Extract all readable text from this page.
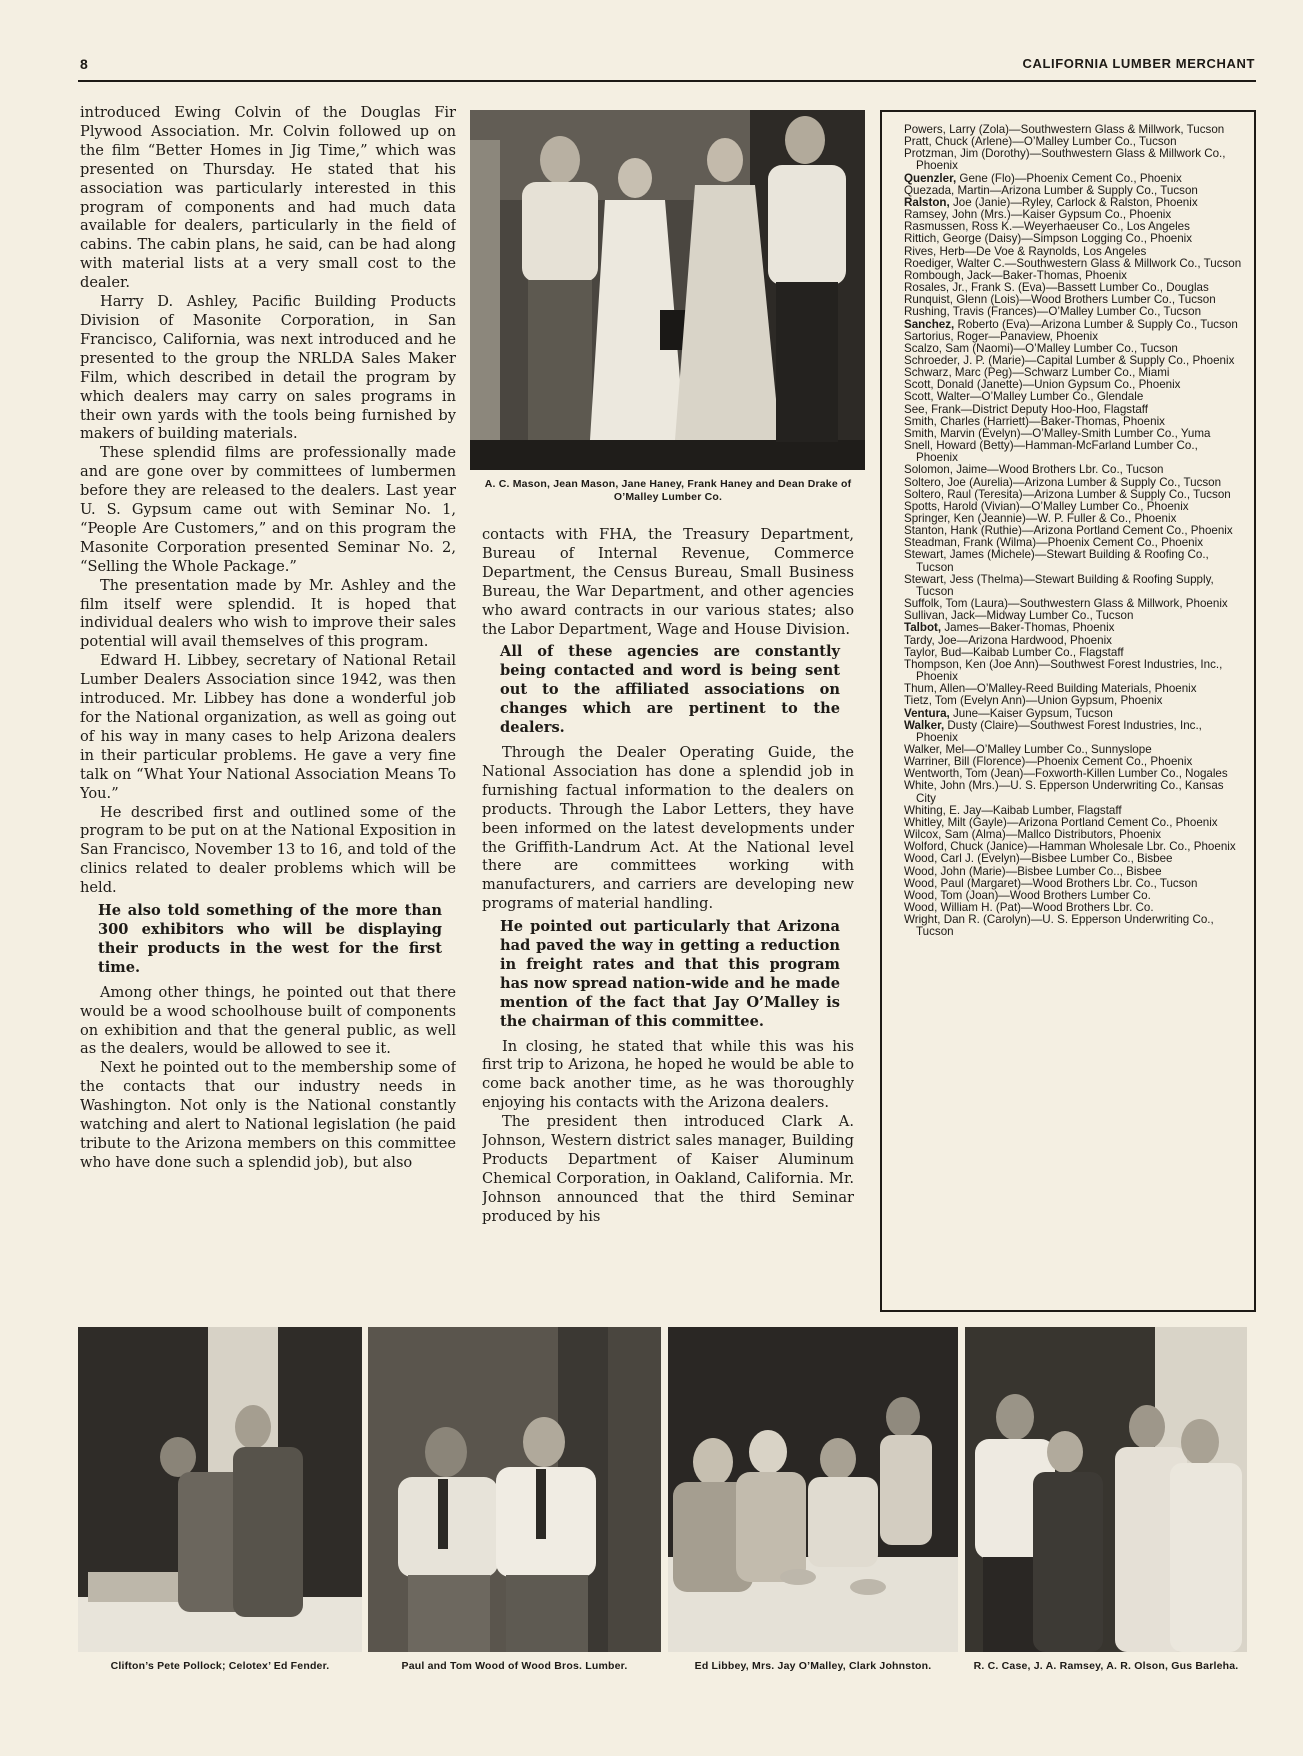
8	CALIFORNIA LUMBER MERCHANT

introduced Ewing Colvin of the Douglas Fir Plywood Association. Mr. Colvin followed up on the film “Better Homes in Jig Time,” which was presented on Thursday. He stated that his association was particularly interested in this program of components and had much data available for dealers, particularly in the field of cabins. The cabin plans, he said, can be had along with material lists at a very small cost to the dealer.

Harry D. Ashley, Pacific Building Products Division of Masonite Corporation, in San Francisco, California, was next introduced and he presented to the group the NRLDA Sales Maker Film, which described in detail the program by which dealers may carry on sales programs in their own yards with the tools being furnished by makers of building materials.

These splendid films are professionally made and are gone over by committees of lumbermen before they are released to the dealers. Last year U. S. Gypsum came out with Seminar No. 1, “People Are Customers,” and on this program the Masonite Corporation presented Seminar No. 2, “Selling the Whole Package.”

The presentation made by Mr. Ashley and the film itself were splendid. It is hoped that individual dealers who wish to improve their sales potential will avail themselves of this program.

Edward H. Libbey, secretary of National Retail Lumber Dealers Association since 1942, was then introduced. Mr. Libbey has done a wonderful job for the National organization, as well as going out of his way in many cases to help Arizona dealers in their particular problems. He gave a very fine talk on “What Your National Association Means To You.”

He described first and outlined some of the program to be put on at the National Exposition in San Francisco, November 13 to 16, and told of the clinics related to dealer problems which will be held.

He also told something of the more than 300 exhibitors who will be displaying their products in the west for the first time.

Among other things, he pointed out that there would be a wood schoolhouse built of components on exhibition and that the general public, as well as the dealers, would be allowed to see it.

Next he pointed out to the membership some of the contacts that our industry needs in Washington. Not only is the National constantly watching and alert to National legislation (he paid tribute to the Arizona members on this committee who have done such a splendid job), but also

A. C. Mason, Jean Mason, Jane Haney, Frank Haney and Dean Drake of O’Malley Lumber Co.

contacts with FHA, the Treasury Department, Bureau of Internal Revenue, Commerce Department, the Census Bureau, Small Business Bureau, the War Department, and other agencies who award contracts in our various states; also the Labor Department, Wage and House Division.

All of these agencies are constantly being contacted and word is being sent out to the affiliated associations on changes which are pertinent to the dealers.

Through the Dealer Operating Guide, the National Association has done a splendid job in furnishing factual information to the dealers on products. Through the Labor Letters, they have been informed on the latest developments under the Griffith-Landrum Act. At the National level there are committees working with manufacturers, and carriers are developing new programs of material handling.

He pointed out particularly that Arizona had paved the way in getting a reduction in freight rates and that this program has now spread nation-wide and he made mention of the fact that Jay O’Malley is the chairman of this committee.

In closing, he stated that while this was his first trip to Arizona, he hoped he would be able to come back another time, as he was thoroughly enjoying his contacts with the Arizona dealers.

The president then introduced Clark A. Johnson, Western district sales manager, Building Products Department of Kaiser Aluminum Chemical Corporation, in Oakland, California. Mr. Johnson announced that the third Seminar produced by his

Powers, Larry (Zola)—Southwestern Glass & Millwork, Tucson
Pratt, Chuck (Arlene)—O’Malley Lumber Co., Tucson
Protzman, Jim (Dorothy)—Southwestern Glass & Millwork Co., Phoenix
Quenzler, Gene (Flo)—Phoenix Cement Co., Phoenix
Quezada, Martin—Arizona Lumber & Supply Co., Tucson
Ralston, Joe (Janie)—Ryley, Carlock & Ralston, Phoenix
Ramsey, John (Mrs.)—Kaiser Gypsum Co., Phoenix
Rasmussen, Ross K.—Weyerhaeuser Co., Los Angeles
Rittich, George (Daisy)—Simpson Logging Co., Phoenix
Rives, Herb—De Voe & Raynolds, Los Angeles
Roediger, Walter C.—Southwestern Glass & Millwork Co., Tucson
Rombough, Jack—Baker-Thomas, Phoenix
Rosales, Jr., Frank S. (Eva)—Bassett Lumber Co., Douglas
Runquist, Glenn (Lois)—Wood Brothers Lumber Co., Tucson
Rushing, Travis (Frances)—O’Malley Lumber Co., Tucson
Sanchez, Roberto (Eva)—Arizona Lumber & Supply Co., Tucson
Sartorius, Roger—Panaview, Phoenix
Scalzo, Sam (Naomi)—O’Malley Lumber Co., Tucson
Schroeder, J. P. (Marie)—Capital Lumber & Supply Co., Phoenix
Schwarz, Marc (Peg)—Schwarz Lumber Co., Miami
Scott, Donald (Janette)—Union Gypsum Co., Phoenix
Scott, Walter—O’Malley Lumber Co., Glendale
See, Frank—District Deputy Hoo-Hoo, Flagstaff
Smith, Charles (Harriett)—Baker-Thomas, Phoenix
Smith, Marvin (Evelyn)—O’Malley-Smith Lumber Co., Yuma
Snell, Howard (Betty)—Hamman-McFarland Lumber Co., Phoenix
Solomon, Jaime—Wood Brothers Lbr. Co., Tucson
Soltero, Joe (Aurelia)—Arizona Lumber & Supply Co., Tucson
Soltero, Raul (Teresita)—Arizona Lumber & Supply Co., Tucson
Spotts, Harold (Vivian)—O’Malley Lumber Co., Phoenix
Springer, Ken (Jeannie)—W. P. Fuller & Co., Phoenix
Stanton, Hank (Ruthie)—Arizona Portland Cement Co., Phoenix
Steadman, Frank (Wilma)—Phoenix Cement Co., Phoenix
Stewart, James (Michele)—Stewart Building & Roofing Co., Tucson
Stewart, Jess (Thelma)—Stewart Building & Roofing Supply, Tucson
Suffolk, Tom (Laura)—Southwestern Glass & Millwork, Phoenix
Sullivan, Jack—Midway Lumber Co., Tucson
Talbot, James—Baker-Thomas, Phoenix
Tardy, Joe—Arizona Hardwood, Phoenix
Taylor, Bud—Kaibab Lumber Co., Flagstaff
Thompson, Ken (Joe Ann)—Southwest Forest Industries, Inc., Phoenix
Thum, Allen—O’Malley-Reed Building Materials, Phoenix
Tietz, Tom (Evelyn Ann)—Union Gypsum, Phoenix
Ventura, June—Kaiser Gypsum, Tucson
Walker, Dusty (Claire)—Southwest Forest Industries, Inc., Phoenix
Walker, Mel—O’Malley Lumber Co., Sunnyslope
Warriner, Bill (Florence)—Phoenix Cement Co., Phoenix
Wentworth, Tom (Jean)—Foxworth-Killen Lumber Co., Nogales
White, John (Mrs.)—U. S. Epperson Underwriting Co., Kansas City
Whiting, E. Jay—Kaibab Lumber, Flagstaff
Whitley, Milt (Gayle)—Arizona Portland Cement Co., Phoenix
Wilcox, Sam (Alma)—Mallco Distributors, Phoenix
Wolford, Chuck (Janice)—Hamman Wholesale Lbr. Co., Phoenix
Wood, Carl J. (Evelyn)—Bisbee Lumber Co., Bisbee
Wood, John (Marie)—Bisbee Lumber Co.., Bisbee
Wood, Paul (Margaret)—Wood Brothers Lbr. Co., Tucson
Wood, Tom (Joan)—Wood Brothers Lumber Co.
Wood, William H. (Pat)—Wood Brothers Lbr. Co.
Wright, Dan R. (Carolyn)—U. S. Epperson Underwriting Co., Tucson
Clifton’s Pete Pollock; Celotex’ Ed Fender.	Paul and Tom Wood of Wood Bros. Lumber.	Ed Libbey, Mrs. Jay O’Malley, Clark Johnston.	R. C. Case, J. A. Ramsey, A. R. Olson, Gus Barleha.
